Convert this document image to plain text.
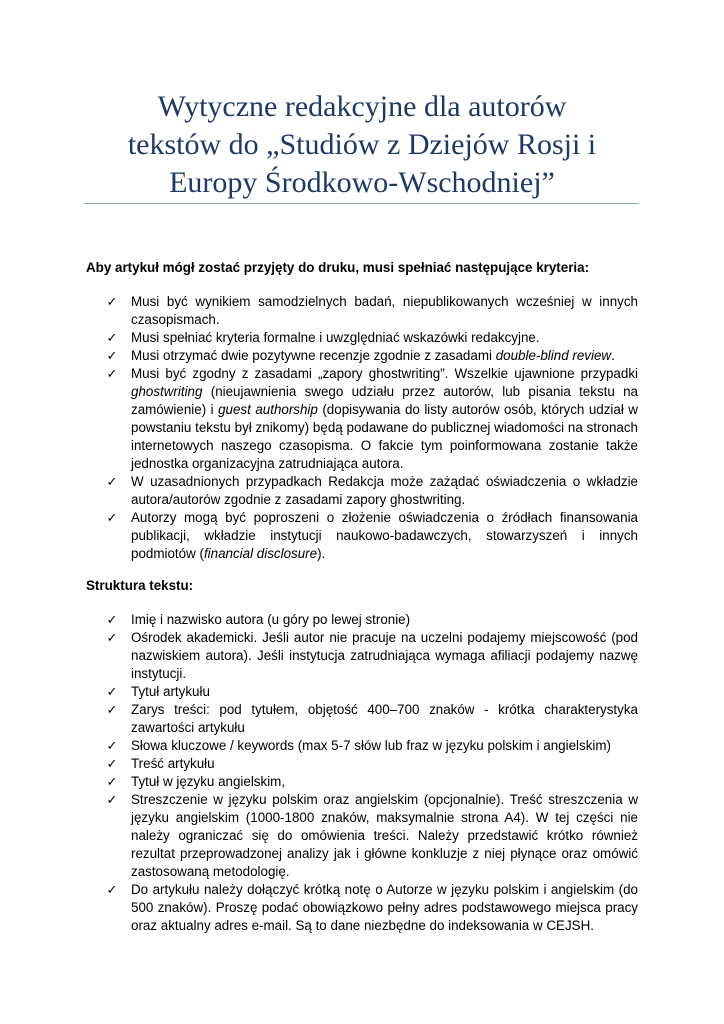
Wytyczne redakcyjne dla autorów
tekstów do „Studiów z Dziejów Rosji i
Europy Środkowo-Wschodniej”
Aby artykuł mógł zostać przyjęty do druku, musi spełniać następujące kryteria:
✓ Musi być wynikiem samodzielnych badań, niepublikowanych wcześniej w innych czasopismach.
✓ Musi spełniać kryteria formalne i uwzględniać wskazówki redakcyjne.
✓ Musi otrzymać dwie pozytywne recenzje zgodnie z zasadami double-blind review.
✓ Musi być zgodny z zasadami „zapory ghostwriting”. Wszelkie ujawnione przypadki ghostwriting (nieujawnienia swego udziału przez autorów, lub pisania tekstu na zamówienie) i guest authorship (dopisywania do listy autorów osób, których udział w powstaniu tekstu był znikomy) będą podawane do publicznej wiadomości na stronach internetowych naszego czasopisma. O fakcie tym poinformowana zostanie także jednostka organizacyjna zatrudniająca autora.
✓ W uzasadnionych przypadkach Redakcja może zażądać oświadczenia o wkładzie autora/autorów zgodnie z zasadami zapory ghostwriting.
✓ Autorzy mogą być poproszeni o złożenie oświadczenia o źródłach finansowania publikacji, wkładzie instytucji naukowo-badawczych, stowarzyszeń i innych podmiotów (financial disclosure).
Struktura tekstu:
✓ Imię i nazwisko autora (u góry po lewej stronie)
✓ Ośrodek akademicki. Jeśli autor nie pracuje na uczelni podajemy miejscowość (pod nazwiskiem autora). Jeśli instytucja zatrudniająca wymaga afiliacji podajemy nazwę instytucji.
✓ Tytuł artykułu
✓ Zarys treści: pod tytułem, objętość 400–700 znaków - krótka charakterystyka zawartości artykułu
✓ Słowa kluczowe / keywords (max 5-7 słów lub fraz w języku polskim i angielskim)
✓ Treść artykułu
✓ Tytuł w języku angielskim,
✓ Streszczenie w języku polskim oraz angielskim (opcjonalnie). Treść streszczenia w języku angielskim (1000-1800 znaków, maksymalnie strona A4). W tej części nie należy ograniczać się do omówienia treści. Należy przedstawić krótko również rezultat przeprowadzonej analizy jak i główne konkluzje z niej płynące oraz omówić zastosowaną metodologię.
✓ Do artykułu należy dołączyć krótką notę o Autorze w języku polskim i angielskim (do 500 znaków). Proszę podać obowiązkowo pełny adres podstawowego miejsca pracy oraz aktualny adres e-mail. Są to dane niezbędne do indeksowania w CEJSH.
